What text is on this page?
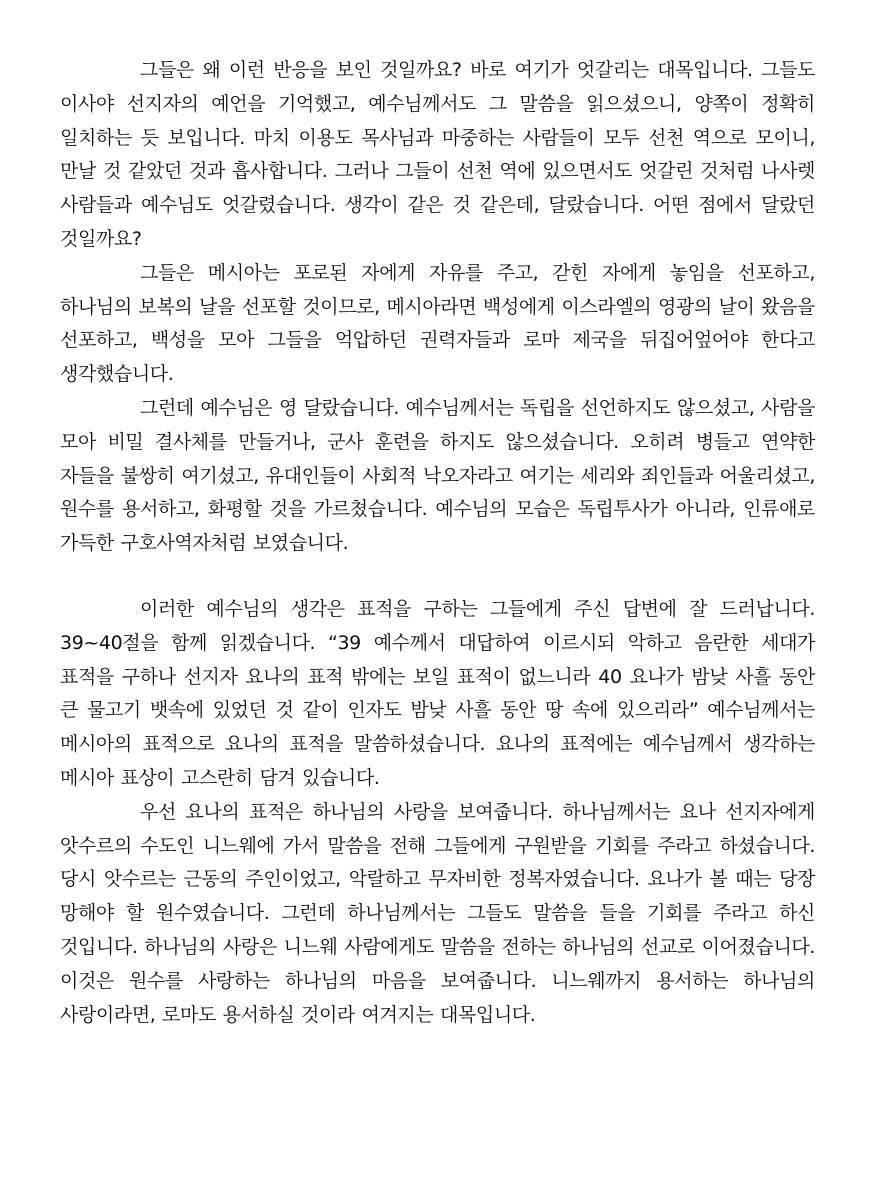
그들은 왜 이런 반응을 보인 것일까요? 바로 여기가 엇갈리는 대목입니다. 그들도 이사야 선지자의 예언을 기억했고, 예수님께서도 그 말씀을 읽으셨으니, 양쪽이 정확히 일치하는 듯 보입니다. 마치 이용도 목사님과 마중하는 사람들이 모두 선천 역으로 모이니, 만날 것 같았던 것과 흡사합니다. 그러나 그들이 선천 역에 있으면서도 엇갈린 것처럼 나사렛 사람들과 예수님도 엇갈렸습니다. 생각이 같은 것 같은데, 달랐습니다. 어떤 점에서 달랐던 것일까요?

그들은 메시아는 포로된 자에게 자유를 주고, 갇힌 자에게 놓임을 선포하고, 하나님의 보복의 날을 선포할 것이므로, 메시아라면 백성에게 이스라엘의 영광의 날이 왔음을 선포하고, 백성을 모아 그들을 억압하던 권력자들과 로마 제국을 뒤집어엎어야 한다고 생각했습니다.

그런데 예수님은 영 달랐습니다. 예수님께서는 독립을 선언하지도 않으셨고, 사람을 모아 비밀 결사체를 만들거나, 군사 훈련을 하지도 않으셨습니다. 오히려 병들고 연약한 자들을 불쌍히 여기셨고, 유대인들이 사회적 낙오자라고 여기는 세리와 죄인들과 어울리셨고, 원수를 용서하고, 화평할 것을 가르쳤습니다. 예수님의 모습은 독립투사가 아니라, 인류애로 가득한 구호사역자처럼 보였습니다.

이러한 예수님의 생각은 표적을 구하는 그들에게 주신 답변에 잘 드러납니다. 39~40절을 함께 읽겠습니다. “39 예수께서 대답하여 이르시되 악하고 음란한 세대가 표적을 구하나 선지자 요나의 표적 밖에는 보일 표적이 없느니라 40 요나가 밤낮 사흘 동안 큰 물고기 뱃속에 있었던 것 같이 인자도 밤낮 사흘 동안 땅 속에 있으리라” 예수님께서는 메시아의 표적으로 요나의 표적을 말씀하셨습니다. 요나의 표적에는 예수님께서 생각하는 메시아 표상이 고스란히 담겨 있습니다.

우선 요나의 표적은 하나님의 사랑을 보여줍니다. 하나님께서는 요나 선지자에게 앗수르의 수도인 니느웨에 가서 말씀을 전해 그들에게 구원받을 기회를 주라고 하셨습니다. 당시 앗수르는 근동의 주인이었고, 악랄하고 무자비한 정복자였습니다. 요나가 볼 때는 당장 망해야 할 원수였습니다. 그런데 하나님께서는 그들도 말씀을 들을 기회를 주라고 하신 것입니다. 하나님의 사랑은 니느웨 사람에게도 말씀을 전하는 하나님의 선교로 이어졌습니다. 이것은 원수를 사랑하는 하나님의 마음을 보여줍니다. 니느웨까지 용서하는 하나님의 사랑이라면, 로마도 용서하실 것이라 여겨지는 대목입니다.
